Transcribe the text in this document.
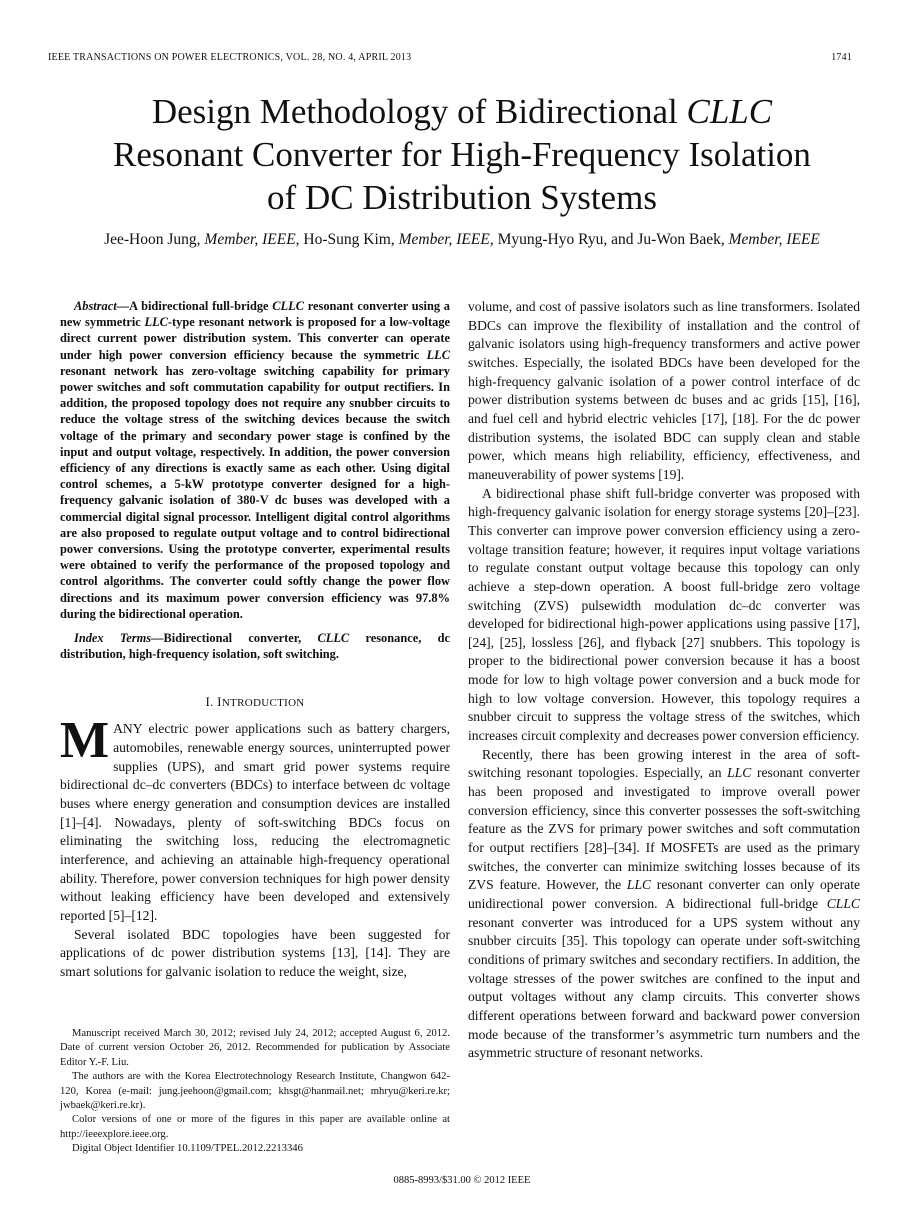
IEEE TRANSACTIONS ON POWER ELECTRONICS, VOL. 28, NO. 4, APRIL 2013	1741
Design Methodology of Bidirectional CLLC
Resonant Converter for High-Frequency Isolation
of DC Distribution Systems
Jee-Hoon Jung, Member, IEEE, Ho-Sung Kim, Member, IEEE, Myung-Hyo Ryu, and Ju-Won Baek, Member, IEEE

Abstract—A bidirectional full-bridge CLLC resonant converter using a new symmetric LLC-type resonant network is proposed for a low-voltage direct current power distribution system. This converter can operate under high power conversion efficiency because the symmetric LLC resonant network has zero-voltage switching capability for primary power switches and soft commutation capability for output rectifiers. In addition, the proposed topology does not require any snubber circuits to reduce the voltage stress of the switching devices because the switch voltage of the primary and secondary power stage is confined by the input and output voltage, respectively. In addition, the power conversion efficiency of any directions is exactly same as each other. Using digital control schemes, a 5-kW prototype converter designed for a high-frequency galvanic isolation of 380-V dc buses was developed with a commercial digital signal processor. Intelligent digital control algorithms are also proposed to regulate output voltage and to control bidirectional power conversions. Using the prototype converter, experimental results were obtained to verify the performance of the proposed topology and control algorithms. The converter could softly change the power flow directions and its maximum power conversion efficiency was 97.8% during the bidirectional operation.

Index Terms—Bidirectional converter, CLLC resonance, dc distribution, high-frequency isolation, soft switching.

I. INTRODUCTION

MANY electric power applications such as battery chargers, automobiles, renewable energy sources, uninterrupted power supplies (UPS), and smart grid power systems require bidirectional dc–dc converters (BDCs) to interface between dc voltage buses where energy generation and consumption devices are installed [1]–[4]. Nowadays, plenty of soft-switching BDCs focus on eliminating the switching loss, reducing the electromagnetic interference, and achieving an attainable high-frequency operational ability. Therefore, power conversion techniques for high power density without leaking efficiency have been developed and extensively reported [5]–[12].

Several isolated BDC topologies have been suggested for applications of dc power distribution systems [13], [14]. They are smart solutions for galvanic isolation to reduce the weight, size,

Manuscript received March 30, 2012; revised July 24, 2012; accepted August 6, 2012. Date of current version October 26, 2012. Recommended for publication by Associate Editor Y.-F. Liu.

The authors are with the Korea Electrotechnology Research Institute, Changwon 642-120, Korea (e-mail: jung.jeehoon@gmail.com; khsgt@hanmail.net; mhryu@keri.re.kr; jwbaek@keri.re.kr).

Color versions of one or more of the figures in this paper are available online at http://ieeexplore.ieee.org.

Digital Object Identifier 10.1109/TPEL.2012.2213346

volume, and cost of passive isolators such as line transformers. Isolated BDCs can improve the flexibility of installation and the control of galvanic isolators using high-frequency transformers and active power switches. Especially, the isolated BDCs have been developed for the high-frequency galvanic isolation of a power control interface of dc power distribution systems between dc buses and ac grids [15], [16], and fuel cell and hybrid electric vehicles [17], [18]. For the dc power distribution systems, the isolated BDC can supply clean and stable power, which means high reliability, efficiency, effectiveness, and maneuverability of power systems [19].

A bidirectional phase shift full-bridge converter was proposed with high-frequency galvanic isolation for energy storage systems [20]–[23]. This converter can improve power conversion efficiency using a zero-voltage transition feature; however, it requires input voltage variations to regulate constant output voltage because this topology can only achieve a step-down operation. A boost full-bridge zero voltage switching (ZVS) pulsewidth modulation dc–dc converter was developed for bidirectional high-power applications using passive [17], [24], [25], lossless [26], and flyback [27] snubbers. This topology is proper to the bidirectional power conversion because it has a boost mode for low to high voltage power conversion and a buck mode for high to low voltage conversion. However, this topology requires a snubber circuit to suppress the voltage stress of the switches, which increases circuit complexity and decreases power conversion efficiency.

Recently, there has been growing interest in the area of soft-switching resonant topologies. Especially, an LLC resonant converter has been proposed and investigated to improve overall power conversion efficiency, since this converter possesses the soft-switching feature as the ZVS for primary power switches and soft commutation for output rectifiers [28]–[34]. If MOSFETs are used as the primary switches, the converter can minimize switching losses because of its ZVS feature. However, the LLC resonant converter can only operate unidirectional power conversion. A bidirectional full-bridge CLLC resonant converter was introduced for a UPS system without any snubber circuits [35]. This topology can operate under soft-switching conditions of primary switches and secondary rectifiers. In addition, the voltage stresses of the power switches are confined to the input and output voltages without any clamp circuits. This converter shows different operations between forward and backward power conversion mode because of the transformer’s asymmetric turn numbers and the asymmetric structure of resonant networks.

0885-8993/$31.00 © 2012 IEEE
